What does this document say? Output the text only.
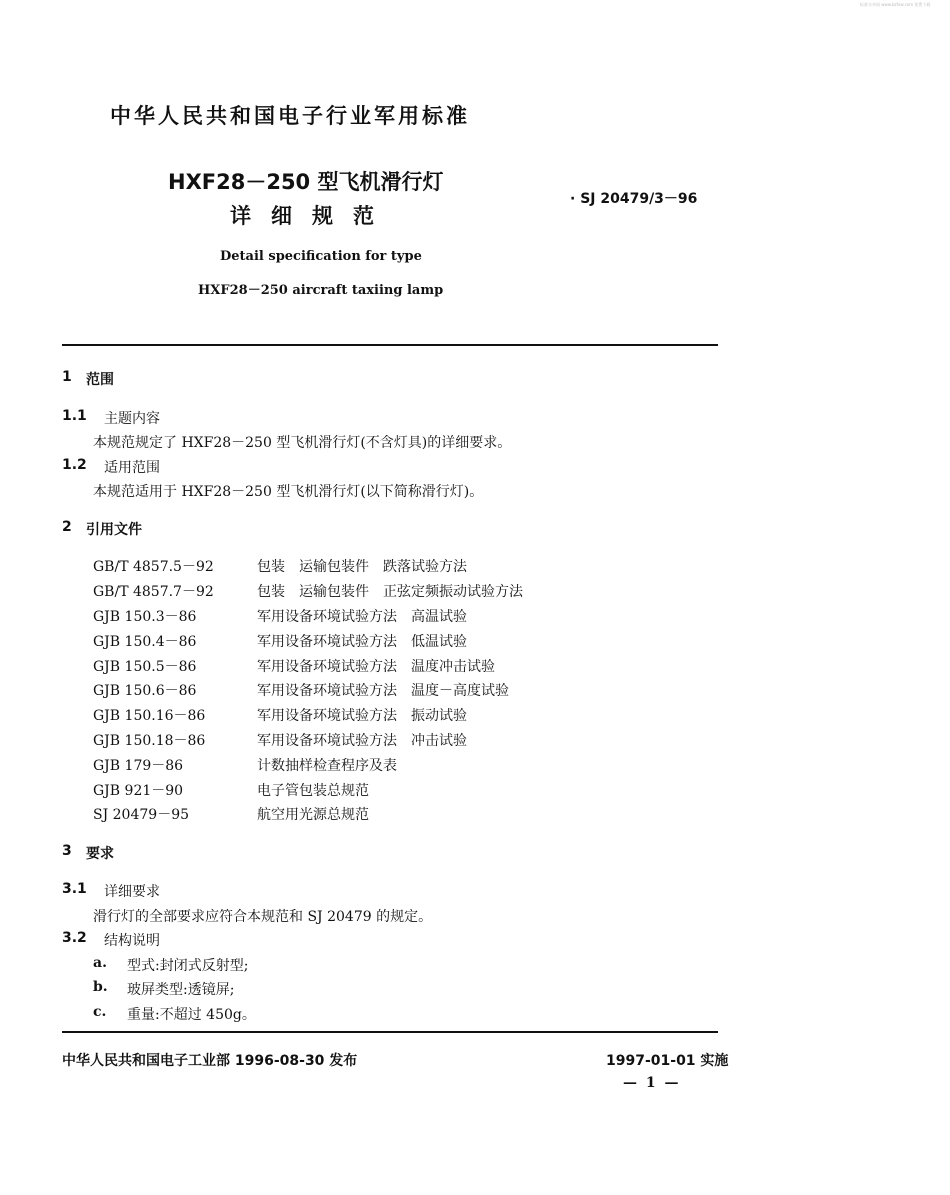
标准分享网 www.bzfxw.com 免费下载
中华人民共和国电子行业军用标准
HXF28－250 型飞机滑行灯
详细规范
· SJ 20479/3－96
Detail specification for type
HXF28－250 aircraft taxiing lamp
1 范围
1.1 主题内容
本规范规定了 HXF28－250 型飞机滑行灯(不含灯具)的详细要求。
1.2 适用范围
本规范适用于 HXF28－250 型飞机滑行灯(以下简称滑行灯)。
2 引用文件
GB/T 4857.5－92	包装　运输包装件　跌落试验方法
GB/T 4857.7－92	包装　运输包装件　正弦定频振动试验方法
GJB 150.3－86	军用设备环境试验方法　高温试验
GJB 150.4－86	军用设备环境试验方法　低温试验
GJB 150.5－86	军用设备环境试验方法　温度冲击试验
GJB 150.6－86	军用设备环境试验方法　温度－高度试验
GJB 150.16－86	军用设备环境试验方法　振动试验
GJB 150.18－86	军用设备环境试验方法　冲击试验
GJB 179－86	计数抽样检查程序及表
GJB 921－90	电子管包装总规范
SJ 20479－95	航空用光源总规范
3 要求
3.1 详细要求
滑行灯的全部要求应符合本规范和 SJ 20479 的规定。
3.2 结构说明
a. 型式:封闭式反射型;
b. 玻屏类型:透镜屏;
c. 重量:不超过 450g。
中华人民共和国电子工业部 1996-08-30 发布	1997-01-01 实施
— 1 —
